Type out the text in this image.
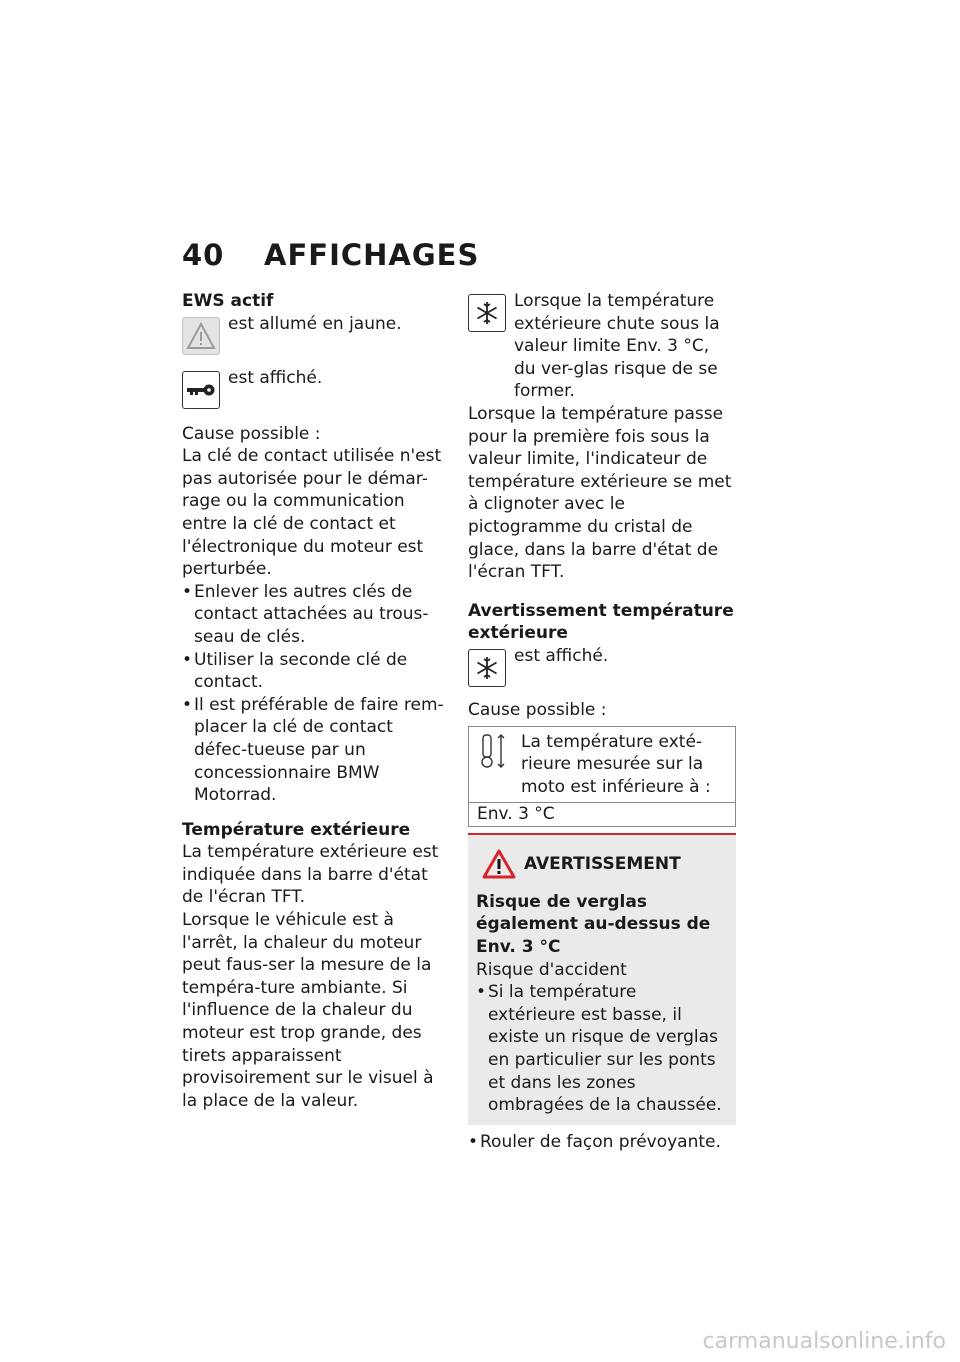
40 AFFICHAGES
EWS actif

est allumé en jaune.

est affiché.

Cause possible :

La clé de contact utilisée n'est pas autorisée pour le démar-rage ou la communication entre la clé de contact et l'électronique du moteur est perturbée.

• Enlever les autres clés de contact attachées au trous-seau de clés.
• Utiliser la seconde clé de contact.
• Il est préférable de faire rem-placer la clé de contact défec-tueuse par un concessionnaire BMW Motorrad.
Température extérieure

La température extérieure est indiquée dans la barre d'état de l'écran TFT.

Lorsque le véhicule est à l'arrêt, la chaleur du moteur peut faus-ser la mesure de la tempéra-ture ambiante. Si l'influence de la chaleur du moteur est trop grande, des tirets apparaissent provisoirement sur le visuel à la place de la valeur.

Lorsque la température extérieure chute sous la valeur limite Env. 3 °C, du ver-glas risque de se former.

Lorsque la température passe pour la première fois sous la valeur limite, l'indicateur de température extérieure se met à clignoter avec le pictogramme du cristal de glace, dans la barre d'état de l'écran TFT.

Avertissement température extérieure

est affiché.

Cause possible :

La température exté-rieure mesurée sur la moto est inférieure à :
Env. 3 °C
AVERTISSEMENT

Risque de verglas également au-dessus de Env. 3 °C

Risque d'accident

• Si la température extérieure est basse, il existe un risque de verglas en particulier sur les ponts et dans les zones ombragées de la chaussée.
• Rouler de façon prévoyante.
carmanualsonline.info
